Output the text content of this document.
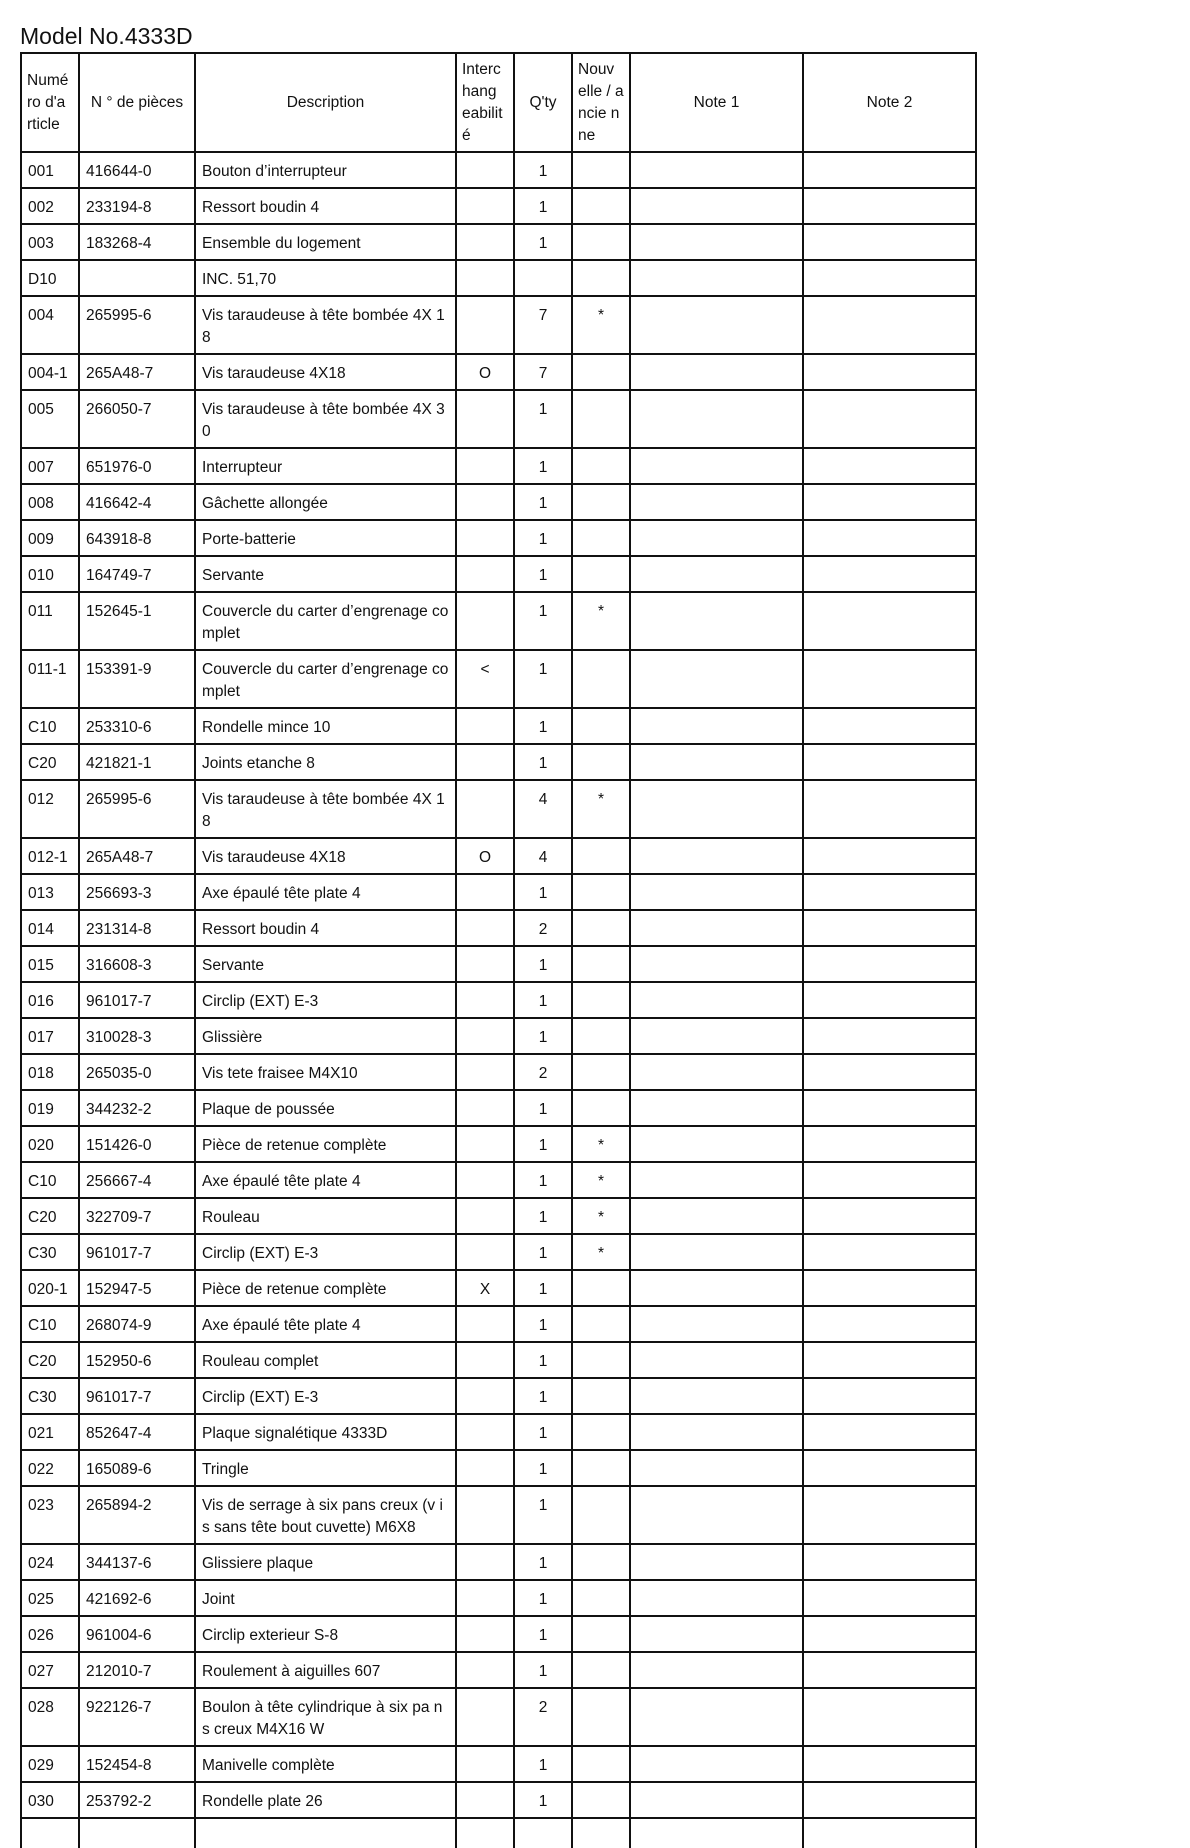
Model No.4333D
Numé ro d'a rticle	N ° de pièces	Description	Interc hang eabilit é	Q'ty	Nouv elle / ancie nne	Note 1	Note 2
001	416644-0	Bouton d’interrupteur		1			
002	233194-8	Ressort boudin 4		1			
003	183268-4	Ensemble du logement		1			
D10		INC. 51,70					
004	265995-6	Vis taraudeuse à tête bombée 4X 18		7	*		
004-1	265A48-7	Vis taraudeuse 4X18	O	7			
005	266050-7	Vis taraudeuse à tête bombée 4X 30		1			
007	651976-0	Interrupteur		1			
008	416642-4	Gâchette allongée		1			
009	643918-8	Porte-batterie		1			
010	164749-7	Servante		1			
011	152645-1	Couvercle du carter d’engrenage complet		1	*		
011-1	153391-9	Couvercle du carter d’engrenage complet	<	1			
C10	253310-6	Rondelle mince 10		1			
C20	421821-1	Joints etanche 8		1			
012	265995-6	Vis taraudeuse à tête bombée 4X 18		4	*		
012-1	265A48-7	Vis taraudeuse 4X18	O	4			
013	256693-3	Axe épaulé tête plate 4		1			
014	231314-8	Ressort boudin 4		2			
015	316608-3	Servante		1			
016	961017-7	Circlip (EXT) E-3		1			
017	310028-3	Glissière		1			
018	265035-0	Vis tete fraisee M4X10		2			
019	344232-2	Plaque de poussée		1			
020	151426-0	Pièce de retenue complète		1	*		
C10	256667-4	Axe épaulé tête plate 4		1	*		
C20	322709-7	Rouleau		1	*		
C30	961017-7	Circlip (EXT) E-3		1	*		
020-1	152947-5	Pièce de retenue complète	X	1			
C10	268074-9	Axe épaulé tête plate 4		1			
C20	152950-6	Rouleau complet		1			
C30	961017-7	Circlip (EXT) E-3		1			
021	852647-4	Plaque signalétique 4333D		1			
022	165089-6	Tringle		1			
023	265894-2	Vis de serrage à six pans creux (v is sans tête bout cuvette) M6X8		1			
024	344137-6	Glissiere plaque		1			
025	421692-6	Joint		1			
026	961004-6	Circlip exterieur S-8		1			
027	212010-7	Roulement à aiguilles 607		1			
028	922126-7	Boulon à tête cylindrique à six pa ns creux M4X16 W		2			
029	152454-8	Manivelle complète		1			
030	253792-2	Rondelle plate 26		1			
